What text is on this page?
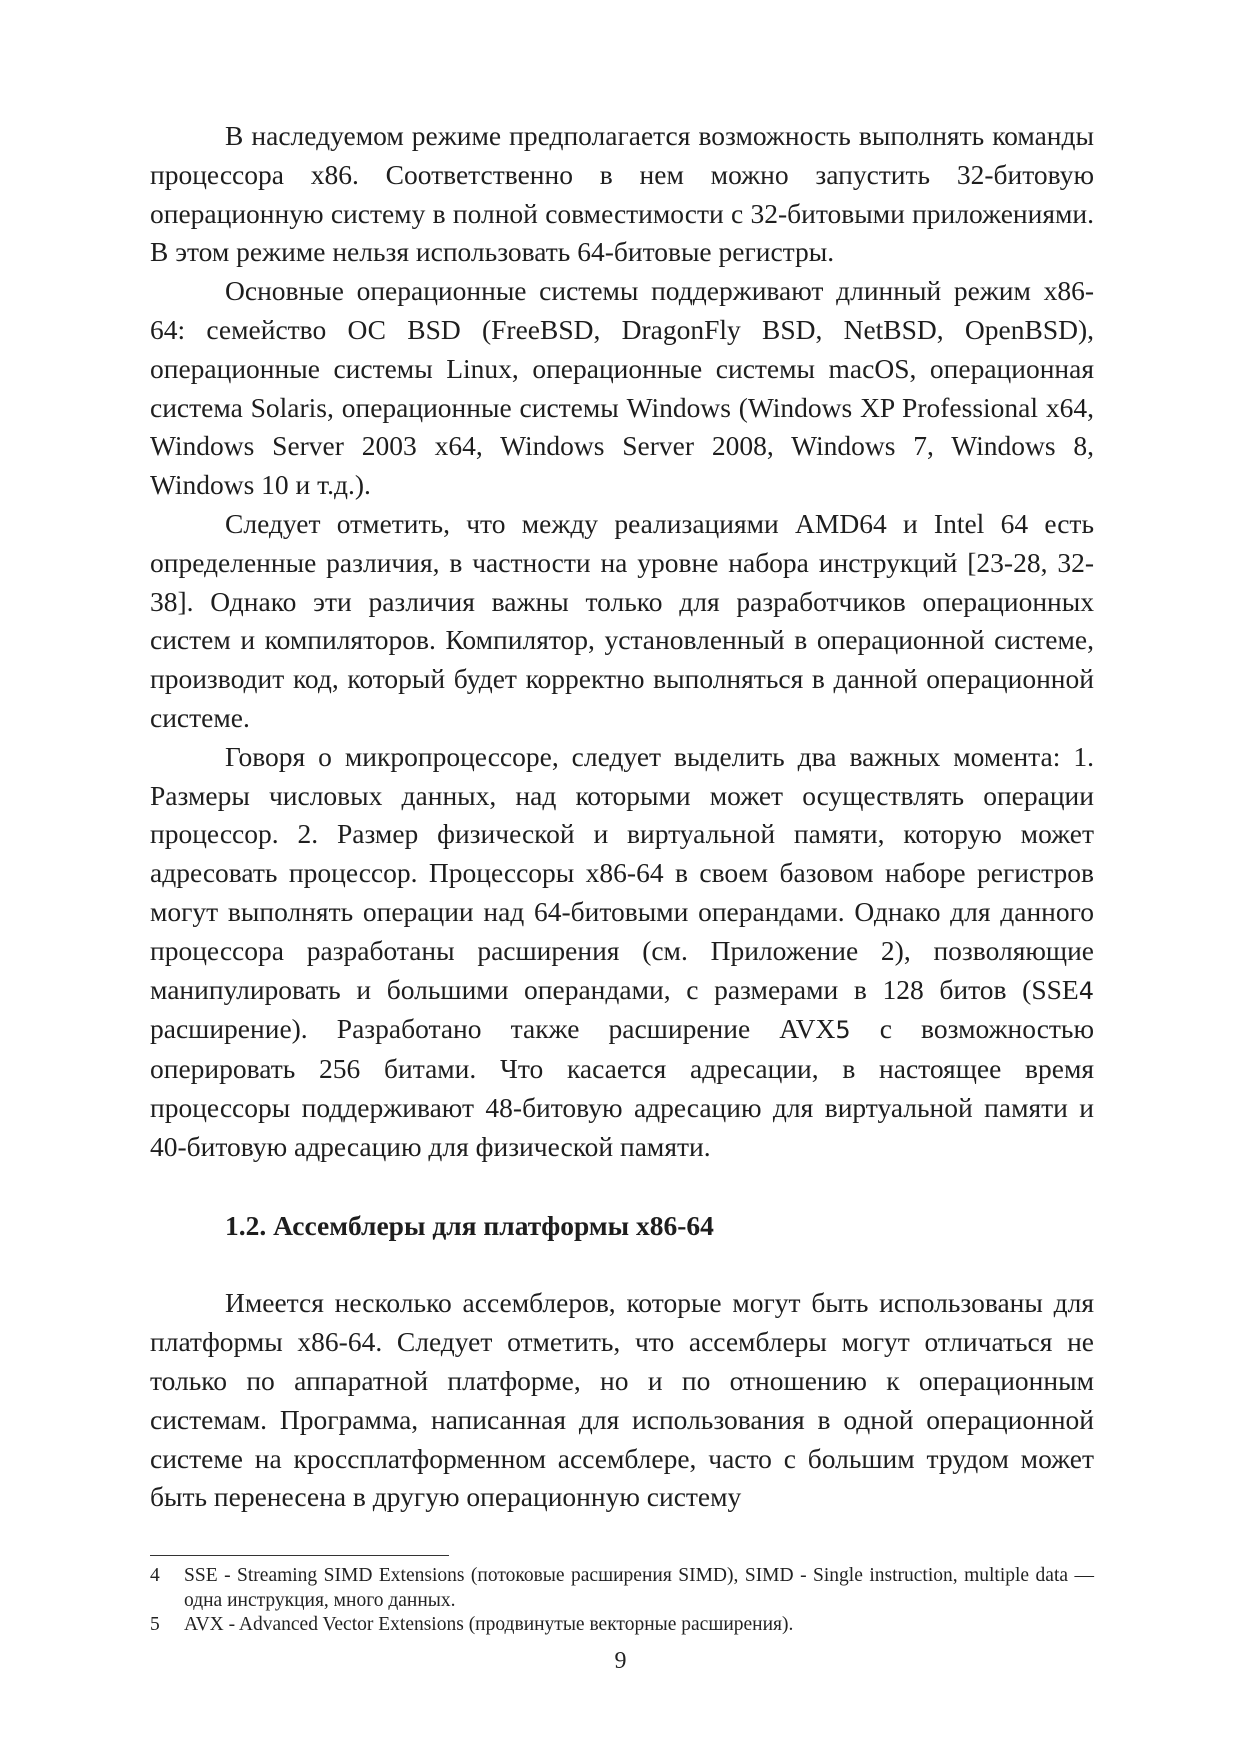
В наследуемом режиме предполагается возможность выполнять команды процессора x86. Соответственно в нем можно запустить 32-битовую операционную систему в полной совместимости с 32-битовыми приложениями. В этом режиме нельзя использовать 64-битовые регистры.

Основные операционные системы поддерживают длинный режим x86-64: семейство ОС BSD (FreeBSD, DragonFly BSD, NetBSD, OpenBSD), операционные системы Linux, операционные системы macOS, операционная система Solaris, операционные системы Windows (Windows XP Professional x64, Windows Server 2003 x64, Windows Server 2008, Windows 7, Windows 8, Windows 10 и т.д.).

Следует отметить, что между реализациями AMD64 и Intel 64 есть определенные различия, в частности на уровне набора инструкций [23-28, 32-38]. Однако эти различия важны только для разработчиков операционных систем и компиляторов. Компилятор, установленный в операционной системе, производит код, который будет корректно выполняться в данной операционной системе.

Говоря о микропроцессоре, следует выделить два важных момента: 1. Размеры числовых данных, над которыми может осуществлять операции процессор. 2. Размер физической и виртуальной памяти, которую может адресовать процессор. Процессоры x86-64 в своем базовом наборе регистров могут выполнять операции над 64-битовыми операндами. Однако для данного процессора разработаны расширения (см. Приложение 2), позволяющие манипулировать и большими операндами, с размерами в 128 битов (SSE4 расширение). Разработано также расширение AVX5 с возможностью оперировать 256 битами. Что касается адресации, в настоящее время процессоры поддерживают 48-битовую адресацию для виртуальной памяти и 40-битовую адресацию для физической памяти.

1.2. Ассемблеры для платформы x86-64

Имеется несколько ассемблеров, которые могут быть использованы для платформы x86-64. Следует отметить, что ассемблеры могут отличаться не только по аппаратной платформе, но и по отношению к операционным системам. Программа, написанная для использования в одной операционной системе на кроссплатформенном ассемблере, часто с большим трудом может быть перенесена в другую операционную систему

4	SSE - Streaming SIMD Extensions (потоковые расширения SIMD), SIMD - Single instruction, multiple data — одна инструкция, много данных.
5	AVX - Advanced Vector Extensions (продвинутые векторные расширения).
9
